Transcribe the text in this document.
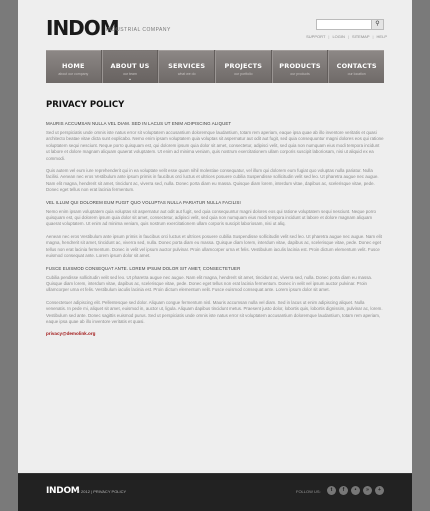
INDOM
INDUSTRIAL COMPANY
⚲
SUPPORT | LOGIN | SITEMAP | HELP
HOME
about our company
ABOUT US
our team
⌄
SERVICES
what we do
PROJECTS
our portfolio
PRODUCTS
our products
CONTACTS
our location
PRIVACY POLICY

MAURIS ACCUMSAN NULLA VEL DIAM. SED IN LACUS UT ENIM ADIPISCING ALIQUET

Sed ut perspiciatis unde omnis iste natus error sit voluptatem accusantium doloremque laudantium, totam rem aperiam, eaque ipsa quae ab illo inventore veritatis et quasi architecto beatae vitae dicta sunt explicabo. Nemo enim ipsam voluptatem quia voluptas sit aspernatur aut odit aut fugit, sed quia consequuntur magni dolores eos qui ratione voluptatem sequi nesciunt. Neque porro quisquam est, qui dolorem ipsum quia dolor sit amet, consectetur, adipisci velit, sed quia non numquam eius modi tempora incidunt ut labore et dolore magnam aliquam quaerat voluptatem. Ut enim ad minima veniam, quis nostrum exercitationem ullam corporis suscipit laboriosam, nisi ut aliquid ex ea commodi.

Quis autem vel eum iure reprehenderit qui in ea voluptate velit esse quam nihil molestiae consequatur, vel illum qui dolorem eum fugiat quo voluptas nulla pariatur. Nulla facilisi. Aenean nec eros Vestibulum ante ipsum primis in faucibus orci luctus et ultrices posuere cubilia Suspendisse sollicitudin velit sed leo. Ut pharetra augue nec augue. Nam elit magna, hendrerit sit amet, tincidunt ac, viverra sed, nulla. Donec porta diam eu massa. Quisque diam lorem, interdum vitae, dapibus ac, scelerisque vitae, pede. Donec eget tellus non erat lacinia fermentum.

VEL ILLUM QUI DOLOREM EUM FUGIT QUO VOLUPTAS NULLA PARIATUR NULLA FACILISI

Nemo enim ipsam voluptatem quia voluptas sit aspernatur aut odit aut fugit, sed quia consequuntur magni dolores eos qui ratione voluptatem sequi nesciunt. Neque porro quisquam est, qui dolorem ipsum quia dolor sit amet, consectetur, adipisci velit, sed quia non numquam eius modi tempora incidunt ut labore et dolore magnam aliquam quaerat voluptatem. Ut enim ad minima veniam, quis nostrum exercitationem ullam corporis suscipit laboriosam, nisi ut aliq.

Aenean nec eros Vestibulum ante ipsum primis in faucibus orci luctus et ultrices posuere cubilia Suspendisse sollicitudin velit sed leo. Ut pharetra augue nec augue. Nam elit magna, hendrerit sit amet, tincidunt ac, viverra sed, nulla. Donec porta diam eu massa. Quisque diam lorem, interdum vitae, dapibus ac, scelerisque vitae, pede. Donec eget tellus non erat lacinia fermentum. Donec in velit vel ipsum auctor pulvinar. Proin ullamcorper urna et felis. Vestibulum iaculis lacinia est. Proin dictum elementum velit. Fusce euismod consequat ante. Lorem ipsum dolor sit amet.

FUSCE EUISMOD CONSEQUAT ANTE. LOREM IPSUM DOLOR SIT AMET, CONSECTETUER

Cubilia pendisse sollicitudin velit sed leo. Ut pharetra augue nec augue. Nam elit magna, hendrerit sit amet, tincidunt ac, viverra sed, nulla. Donec porta diam eu massa. Quisque diam lorem, interdum vitae, dapibus ac, scelerisque vitae, pede. Donec eget tellus non erat lacinia fermentum. Donec in velit vel ipsum auctor pulvinar. Proin ullamcorper urna et felis. Vestibulum iaculis lacinia est. Proin dictum elementum velit. Fusce euismod consequat ante. Lorem ipsum dolor sit amet.

Consectetuer adipiscing elit. Pellentesque sed dolor. Aliquam congue fermentum nisl. Mauris accumsan nulla vel diam. Sed in lacus ut enim adipiscing aliquet. Nulla venenatis. In pede mi, aliquet sit amet, euismod in, auctor ut, ligula. Aliquam dapibus tincidunt metus. Praesent justo dolor, lobortis quis, lobortis dignissim, pulvinar ac, lorem. Vestibulum sed ante. Donec sagittis euismod purus. Sed ut perspiciatis unde omnis iste natus error sit voluptatem accusantium doloremque laudantium, totam rem aperiam, eaque ipsa quae ab illo inventore veritatis et quasi.

privacy@demolink.org

INDOM
© 2012 | PRIVACY POLICY	FOLLOW US:	t	f	•	»	+
